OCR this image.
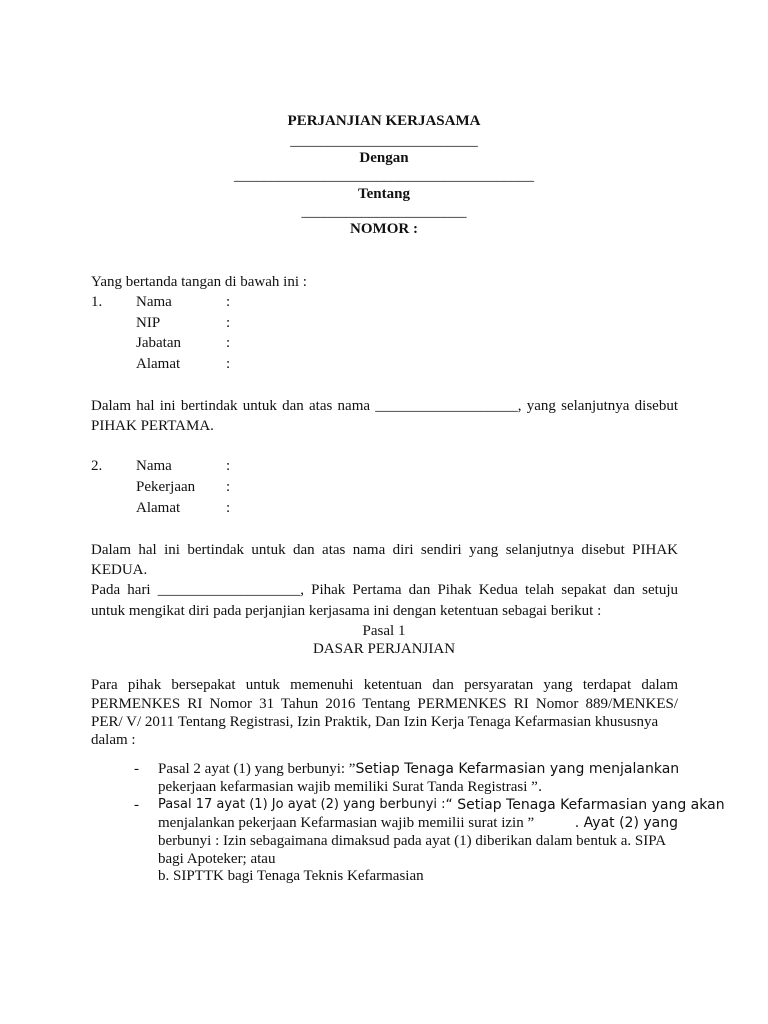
PERJANJIAN KERJASAMA
_________________________
Dengan
________________________________________
Tentang
______________________
NOMOR :
Yang bertanda tangan di bawah ini :
1. Nama	:
NIP	:
Jabatan	:
Alamat	:
Dalam hal ini bertindak untuk dan atas nama ___________________, yang selanjutnya disebut
PIHAK PERTAMA.
2. Nama	:
Pekerjaan :
Alamat	:
Dalam hal ini bertindak untuk dan atas nama diri sendiri yang selanjutnya disebut PIHAK
KEDUA.
Pada hari ___________________, Pihak Pertama dan Pihak Kedua telah sepakat dan setuju
untuk mengikat diri pada perjanjian kerjasama ini dengan ketentuan sebagai berikut :
Pasal 1
DASAR PERJANJIAN
Para pihak bersepakat untuk memenuhi ketentuan dan persyaratan yang terdapat dalam
PERMENKES RI Nomor 31 Tahun 2016 Tentang PERMENKES RI Nomor 889/MENKES/
PER/ V/ 2011 Tentang Registrasi, Izin Praktik, Dan Izin Kerja Tenaga Kefarmasian khususnya
dalam :
- Pasal 2 ayat (1) yang berbunyi: ” Setiap Tenaga Kefarmasian yang menjalankan
pekerjaan kefarmasian wajib memiliki Surat Tanda Registrasi ”.
- Pasal 17 ayat (1) Jo ayat (2) yang berbunyi : “ Setiap Tenaga Kefarmasian yang akan
menjalankan pekerjaan Kefarmasian wajib memilii surat izin ”	. Ayat (2) yang
berbunyi : Izin sebagaimana dimaksud pada ayat (1) diberikan dalam bentuk a. SIPA
bagi Apoteker; atau
b. SIPTTK bagi Tenaga Teknis Kefarmasian
